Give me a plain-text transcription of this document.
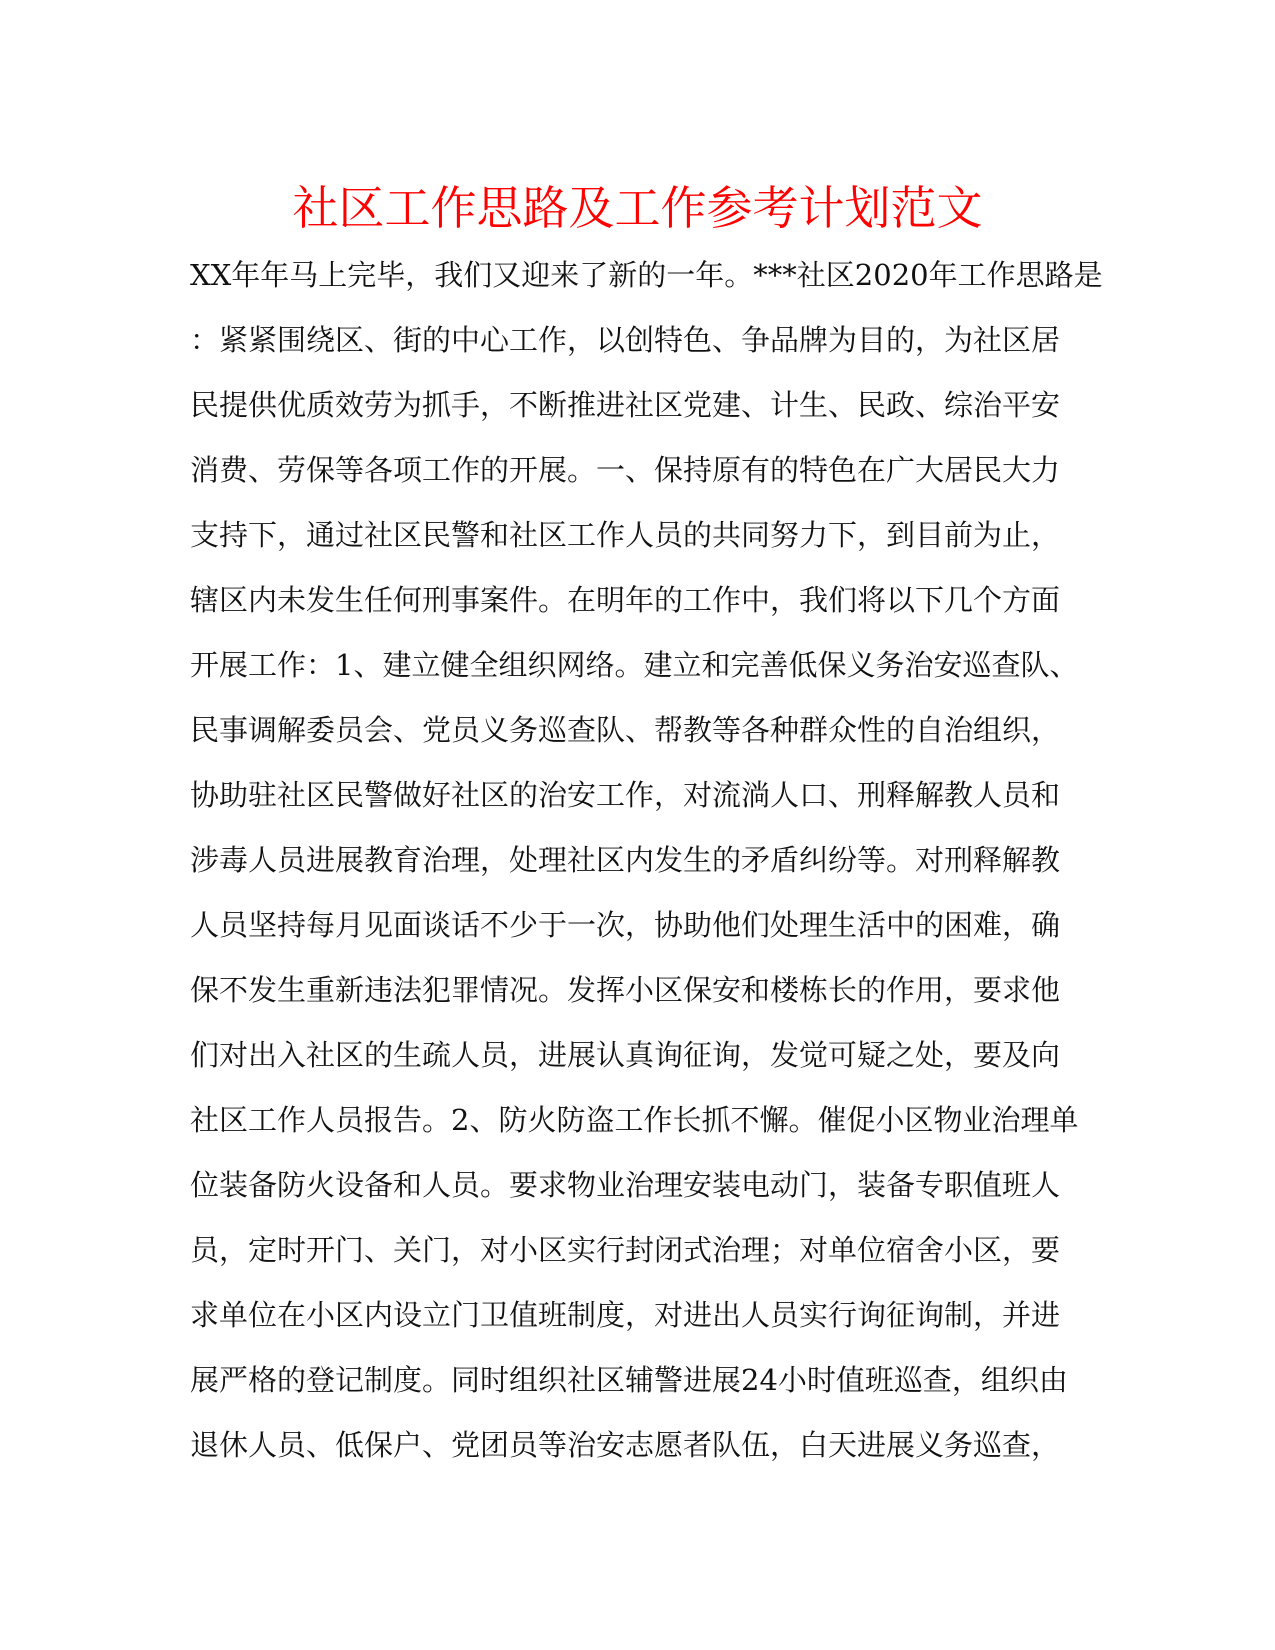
社区工作思路及工作参考计划范文
XX年年马上完毕，我们又迎来了新的一年。***社区2020年工作思路是
：紧紧围绕区、街的中心工作，以创特色、争品牌为目的，为社区居
民提供优质效劳为抓手，不断推进社区党建、计生、民政、综治平安
消费、劳保等各项工作的开展。一、保持原有的特色在广大居民大力
支持下，通过社区民警和社区工作人员的共同努力下，到目前为止，
辖区内未发生任何刑事案件。在明年的工作中，我们将以下几个方面
开展工作：1、建立健全组织网络。建立和完善低保义务治安巡查队、
民事调解委员会、党员义务巡查队、帮教等各种群众性的自治组织，
协助驻社区民警做好社区的治安工作，对流淌人口、刑释解教人员和
涉毒人员进展教育治理，处理社区内发生的矛盾纠纷等。对刑释解教
人员坚持每月见面谈话不少于一次，协助他们处理生活中的困难，确
保不发生重新违法犯罪情况。发挥小区保安和楼栋长的作用，要求他
们对出入社区的生疏人员，进展认真询征询，发觉可疑之处，要及向
社区工作人员报告。2、防火防盗工作长抓不懈。催促小区物业治理单
位装备防火设备和人员。要求物业治理安装电动门，装备专职值班人
员，定时开门、关门，对小区实行封闭式治理；对单位宿舍小区，要
求单位在小区内设立门卫值班制度，对进出人员实行询征询制，并进
展严格的登记制度。同时组织社区辅警进展24小时值班巡查，组织由
退休人员、低保户、党团员等治安志愿者队伍，白天进展义务巡查，
